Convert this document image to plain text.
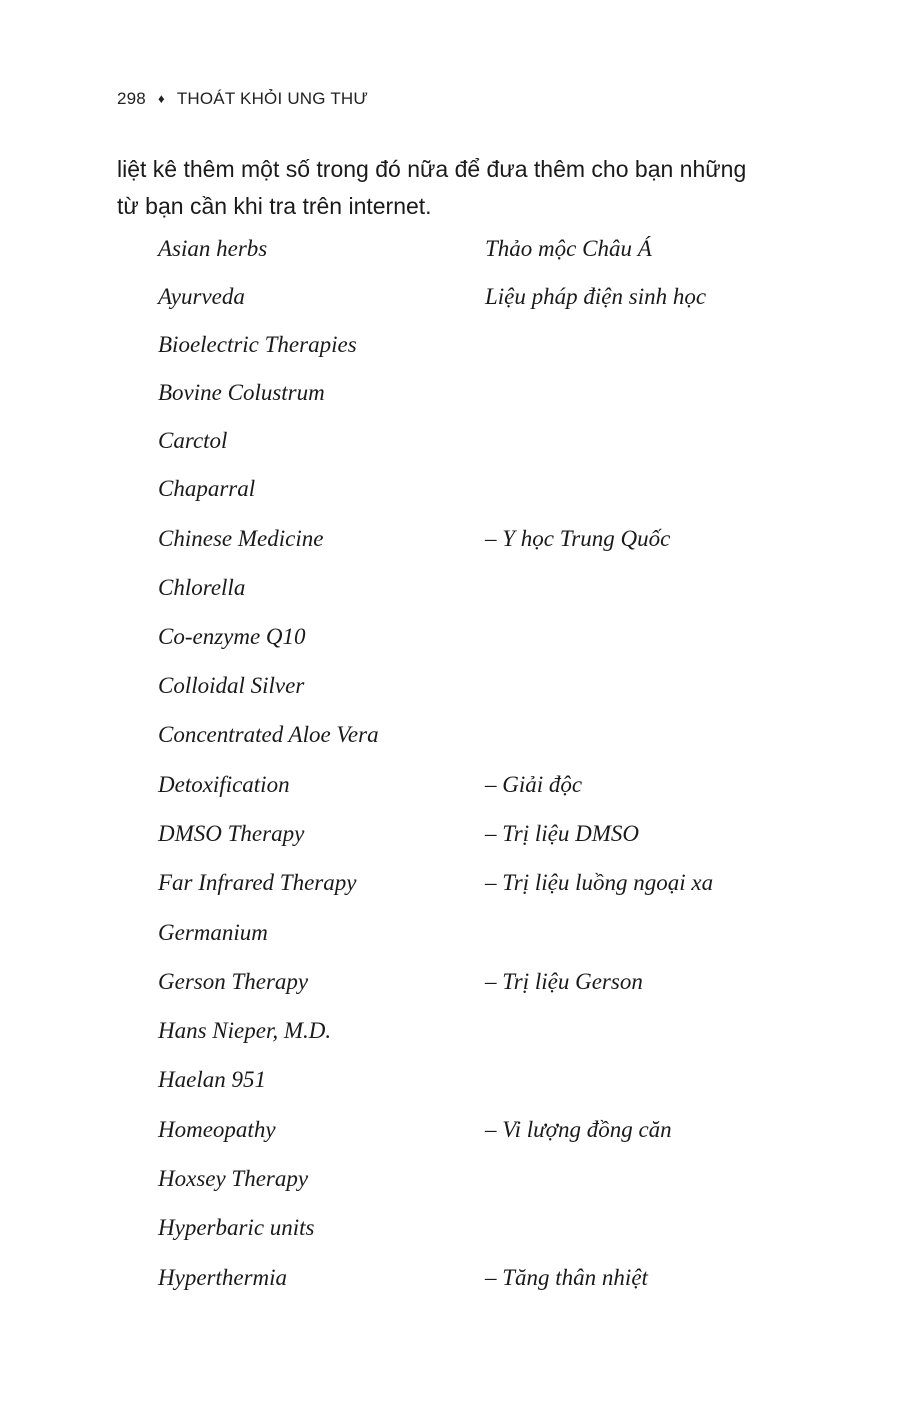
298 ♦ THOÁT KHỎI UNG THƯ

liệt kê thêm một số trong đó nữa để đưa thêm cho bạn những

từ bạn cần khi tra trên internet.

Asian herbs	Thảo mộc Châu Á
Ayurveda	Liệu pháp điện sinh học
Bioelectric Therapies
Bovine Colustrum
Carctol
Chaparral
Chinese Medicine	– Y học Trung Quốc
Chlorella
Co-enzyme Q10
Colloidal Silver
Concentrated Aloe Vera
Detoxification	– Giải độc
DMSO Therapy	– Trị liệu DMSO
Far Infrared Therapy	– Trị liệu luồng ngoại xa
Germanium
Gerson Therapy	– Trị liệu Gerson
Hans Nieper, M.D.
Haelan 951
Homeopathy	– Vi lượng đồng căn
Hoxsey Therapy
Hyperbaric units
Hyperthermia	– Tăng thân nhiệt
